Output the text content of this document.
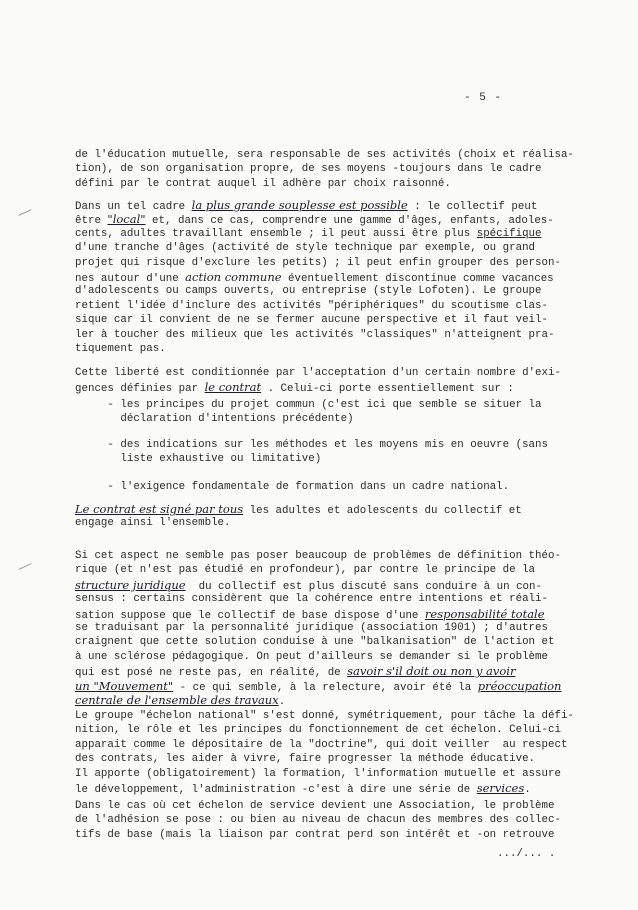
- 5 -
de l'éducation mutuelle, sera responsable de ses activités (choix et réalisa-
tion), de son organisation propre, de ses moyens -toujours dans le cadre
défini par le contrat auquel il adhère par choix raisonné.
Dans un tel cadre la plus grande souplesse est possible : le collectif peut
être "local" et, dans ce cas, comprendre une gamme d'âges, enfants, adoles-
cents, adultes travaillant ensemble ; il peut aussi être plus spécifique
d'une tranche d'âges (activité de style technique par exemple, ou grand
projet qui risque d'exclure les petits) ; il peut enfin grouper des person-
nes autour d'une action commune éventuellement discontinue comme vacances
d'adolescents ou camps ouverts, ou entreprise (style Lofoten). Le groupe
retient l'idée d'inclure des activités "périphériques" du scoutisme clas-
sique car il convient de ne se fermer aucune perspective et il faut veil-
ler à toucher des milieux que les activités "classiques" n'atteignent pra-
tiquement pas.
Cette liberté est conditionnée par l'acceptation d'un certain nombre d'exi-
gences définies par le contrat . Celui-ci porte essentiellement sur :
- les principes du projet commun (c'est ici que semble se situer la
déclaration d'intentions précédente)
- des indications sur les méthodes et les moyens mis en oeuvre (sans
liste exhaustive ou limitative)
- l'exigence fondamentale de formation dans un cadre national.
Le contrat est signé par tous les adultes et adolescents du collectif et
engage ainsi l'ensemble.
Si cet aspect ne semble pas poser beaucoup de problèmes de définition théo-
rique (et n'est pas étudié en profondeur), par contre le principe de la
structure juridique  du collectif est plus discuté sans conduire à un con-
sensus : certains considèrent que la cohérence entre intentions et réali-
sation suppose que le collectif de base dispose d'une responsabilité totale
se traduisant par la personnalité juridique (association 1901) ; d'autres
craignent que cette solution conduise à une "balkanisation" de l'action et
à une sclérose pédagogique. On peut d'ailleurs se demander si le problème
qui est posé ne reste pas, en réalité, de savoir s'il doit ou non y avoir
un "Mouvement" - ce qui semble, à la relecture, avoir été la préoccupation
centrale de l'ensemble des travaux.
Le groupe "échelon national" s'est donné, symétriquement, pour tâche la défi-
nition, le rôle et les principes du fonctionnement de cet échelon. Celui-ci
apparait comme le dépositaire de la "doctrine", qui doit veiller  au respect
des contrats, les aider à vivre, faire progresser la méthode éducative.
Il apporte (obligatoirement) la formation, l'information mutuelle et assure
le développement, l'administration -c'est à dire une série de services.
Dans le cas où cet échelon de service devient une Association, le problème
de l'adhésion se pose : ou bien au niveau de chacun des membres des collec-
tifs de base (mais la liaison par contrat perd son intérêt et -on retrouve
.../... .
